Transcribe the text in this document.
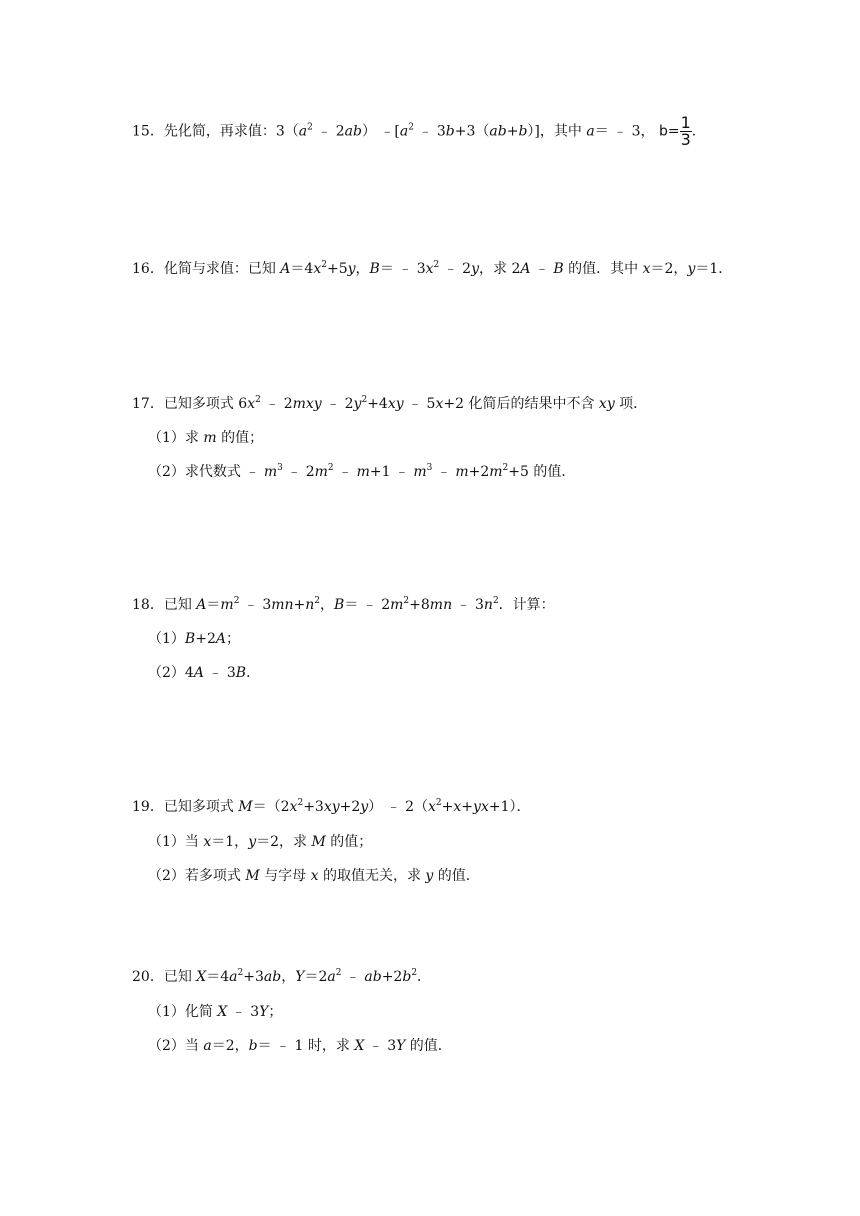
15．先化简，再求值：$3(a^2$ ﹣ 2ab） $﹣[a^2$ ﹣ 3b+3（ab+b）]，其中 a＝ ﹣ 3， $b= \frac{1}{3}$ .
16．化简与求值：已知 $A=4x^2+5y$，B＝ ﹣ $3x^2$ ﹣ 2y，求 2A ﹣ B 的值．其中 x＝2，y＝1．
17．已知多项式 $6x^2$ ﹣ 2mxy ﹣ $2y^2+4xy$ ﹣ 5x+2 化简后的结果中不含 xy 项．
（1）求 m 的值；
（2）求代数式 ﹣ $m^3$ ﹣ $2m^2$ ﹣ m+1 ﹣ $m^3$ ﹣ $m+2m^2+5$ 的值．
18．已知 $A=m^2$ ﹣ $3mn+n^2$，B＝ ﹣ $2m^2+8mn$ ﹣ $3n^2$．计算：
（1）B+2A；
（2）4A ﹣ 3B．
19．已知多项式 $M=(2x^2+3xy+2y)$ ﹣ $2(x^2+x+yx+1)$．
（1）当 x＝1，y＝2，求 M 的值；
（2）若多项式 M 与字母 x 的取值无关，求 y 的值．
20．已知 $X=4a^2+3ab$，$Y=2a^2$ ﹣ $ab+2b^2$．
（1）化简 X ﹣ 3Y；
（2）当 a＝2，b＝ ﹣ 1 时，求 X ﹣ 3Y 的值．
